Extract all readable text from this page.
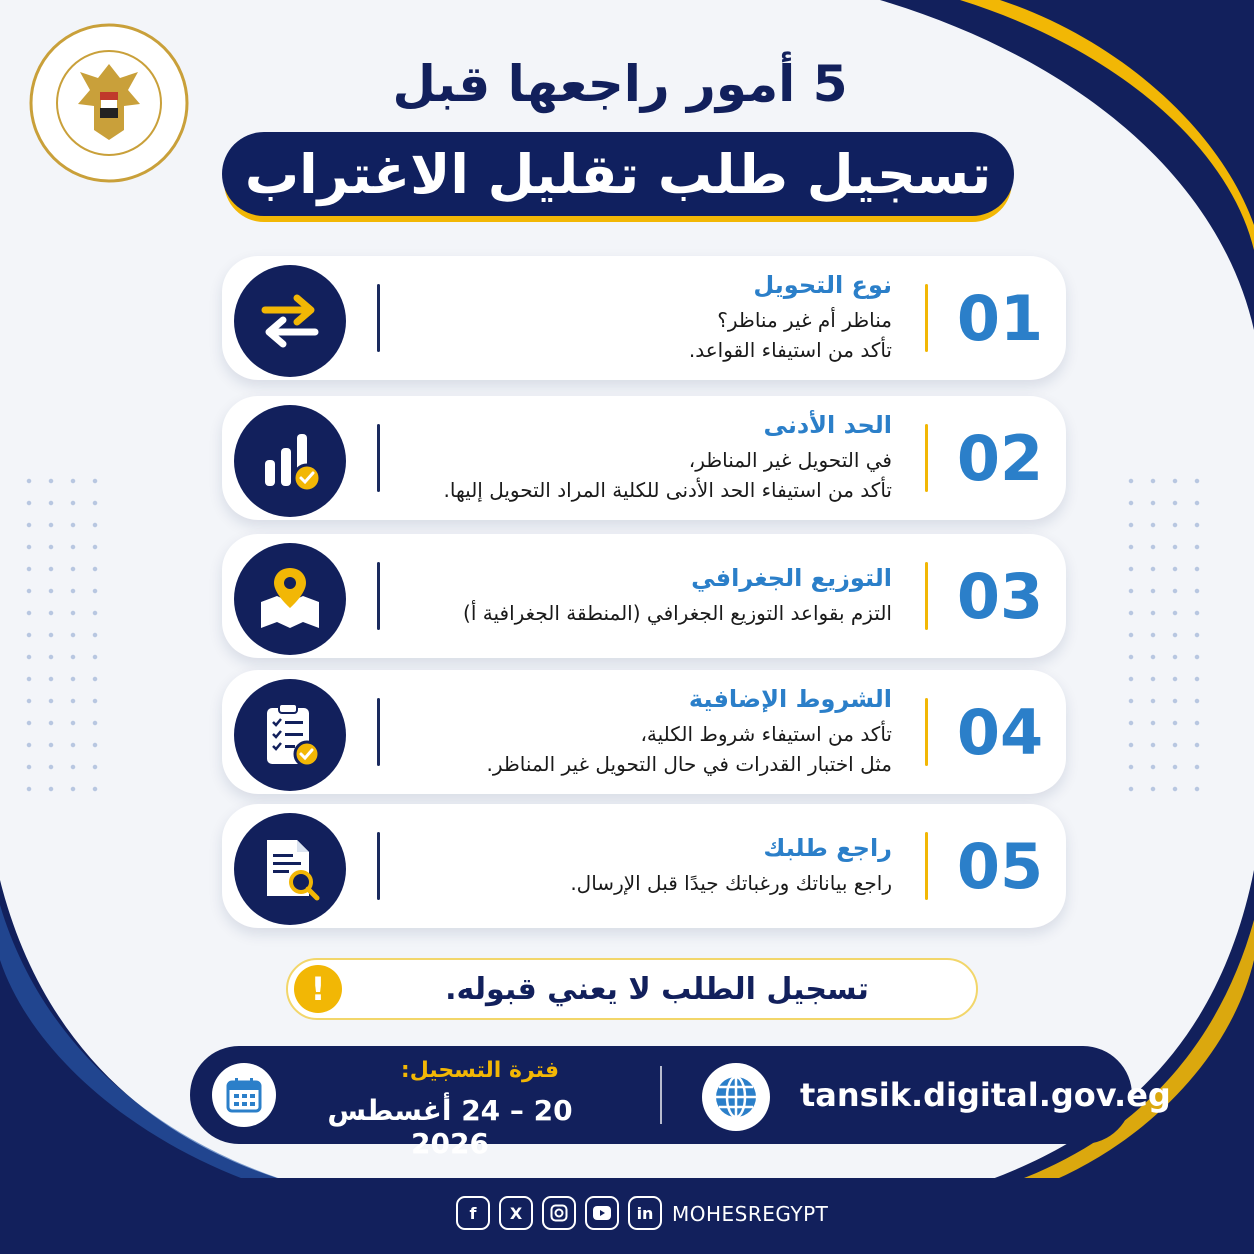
5 أمور راجعها قبل
تسجيل طلب تقليل الاغتراب
نوع التحويل
مناظر أم غير مناظر؟
تأكد من استيفاء القواعد.	01
الحد الأدنى
في التحويل غير المناظر،
تأكد من استيفاء الحد الأدنى للكلية المراد التحويل إليها.	02
التوزيع الجغرافي
التزم بقواعد التوزيع الجغرافي (المنطقة الجغرافية أ)	03
الشروط الإضافية
تأكد من استيفاء شروط الكلية،
مثل اختبار القدرات في حال التحويل غير المناظر.	04
راجع طلبك
راجع بياناتك ورغباتك جيدًا قبل الإرسال.	05
!	تسجيل الطلب لا يعني قبوله.
فترة التسجيل:
20 – 24 أغسطس 2026
tansik.digital.gov.eg
f	X	in MOHESREGYPT
